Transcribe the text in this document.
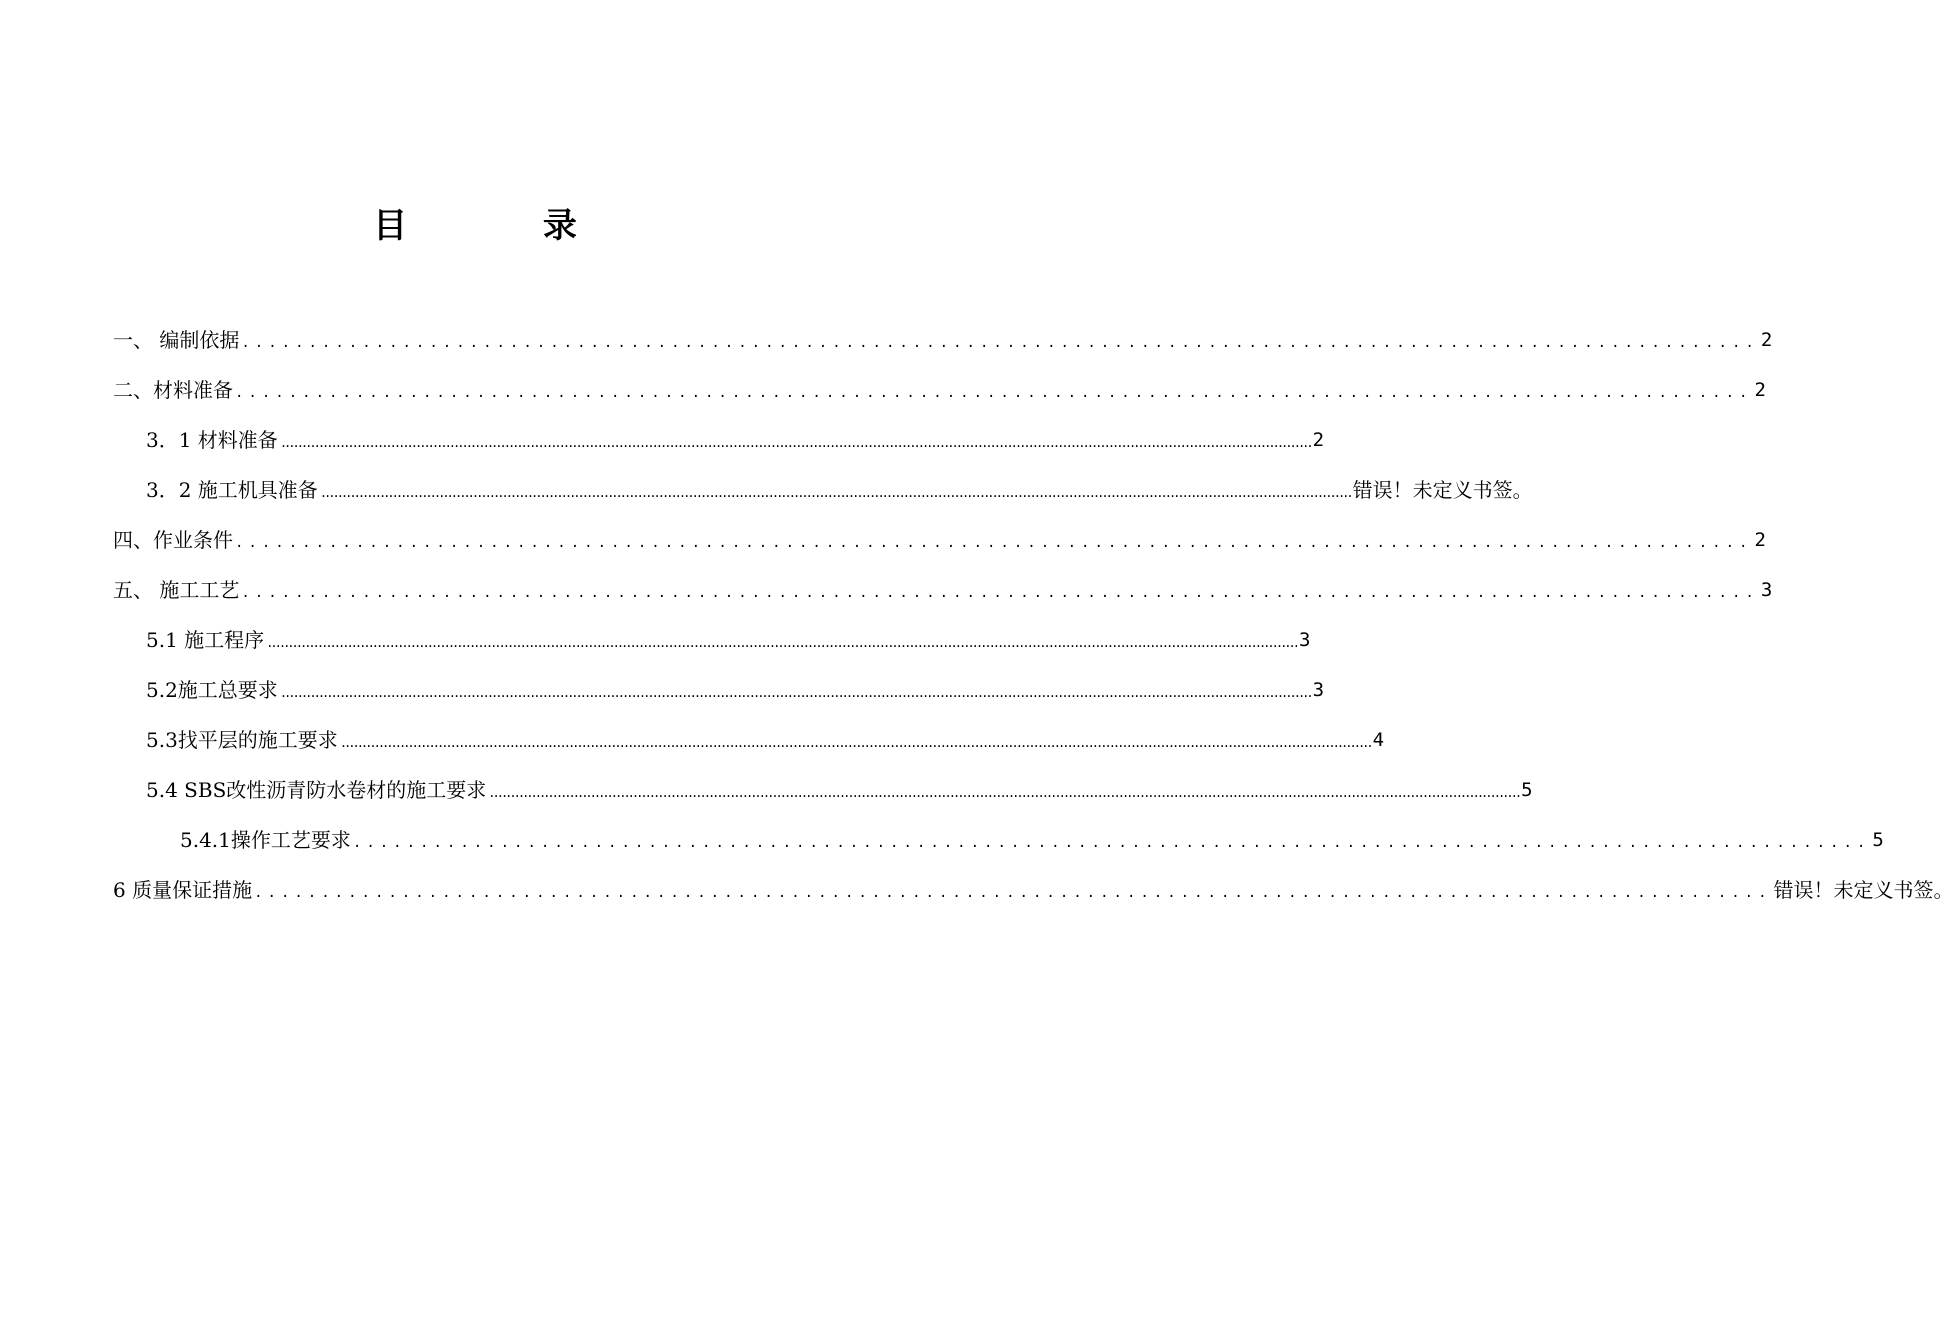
目 录
一、 编制依据 ................................................................................................................. 2
二、材料准备 ................................................................................................................. 2
3．1 材料准备 .................................................................................................................................................................................................................................................... 2
3．2 施工机具准备 .................................................................................................................................................................................................................................................... 错误！未定义书签。
四、作业条件 ................................................................................................................. 2
五、 施工工艺 ................................................................................................................. 3
5.1 施工程序 .................................................................................................................................................................................................................................................... 3
5.2施工总要求 .................................................................................................................................................................................................................................................... 3
5.3找平层的施工要求 .................................................................................................................................................................................................................................................... 4
5.4 SBS改性沥青防水卷材的施工要求 .................................................................................................................................................................................................................................................... 5
5.4.1操作工艺要求 ................................................................................................................. 5
6 质量保证措施 ................................................................................................................. 错误！未定义书签。
